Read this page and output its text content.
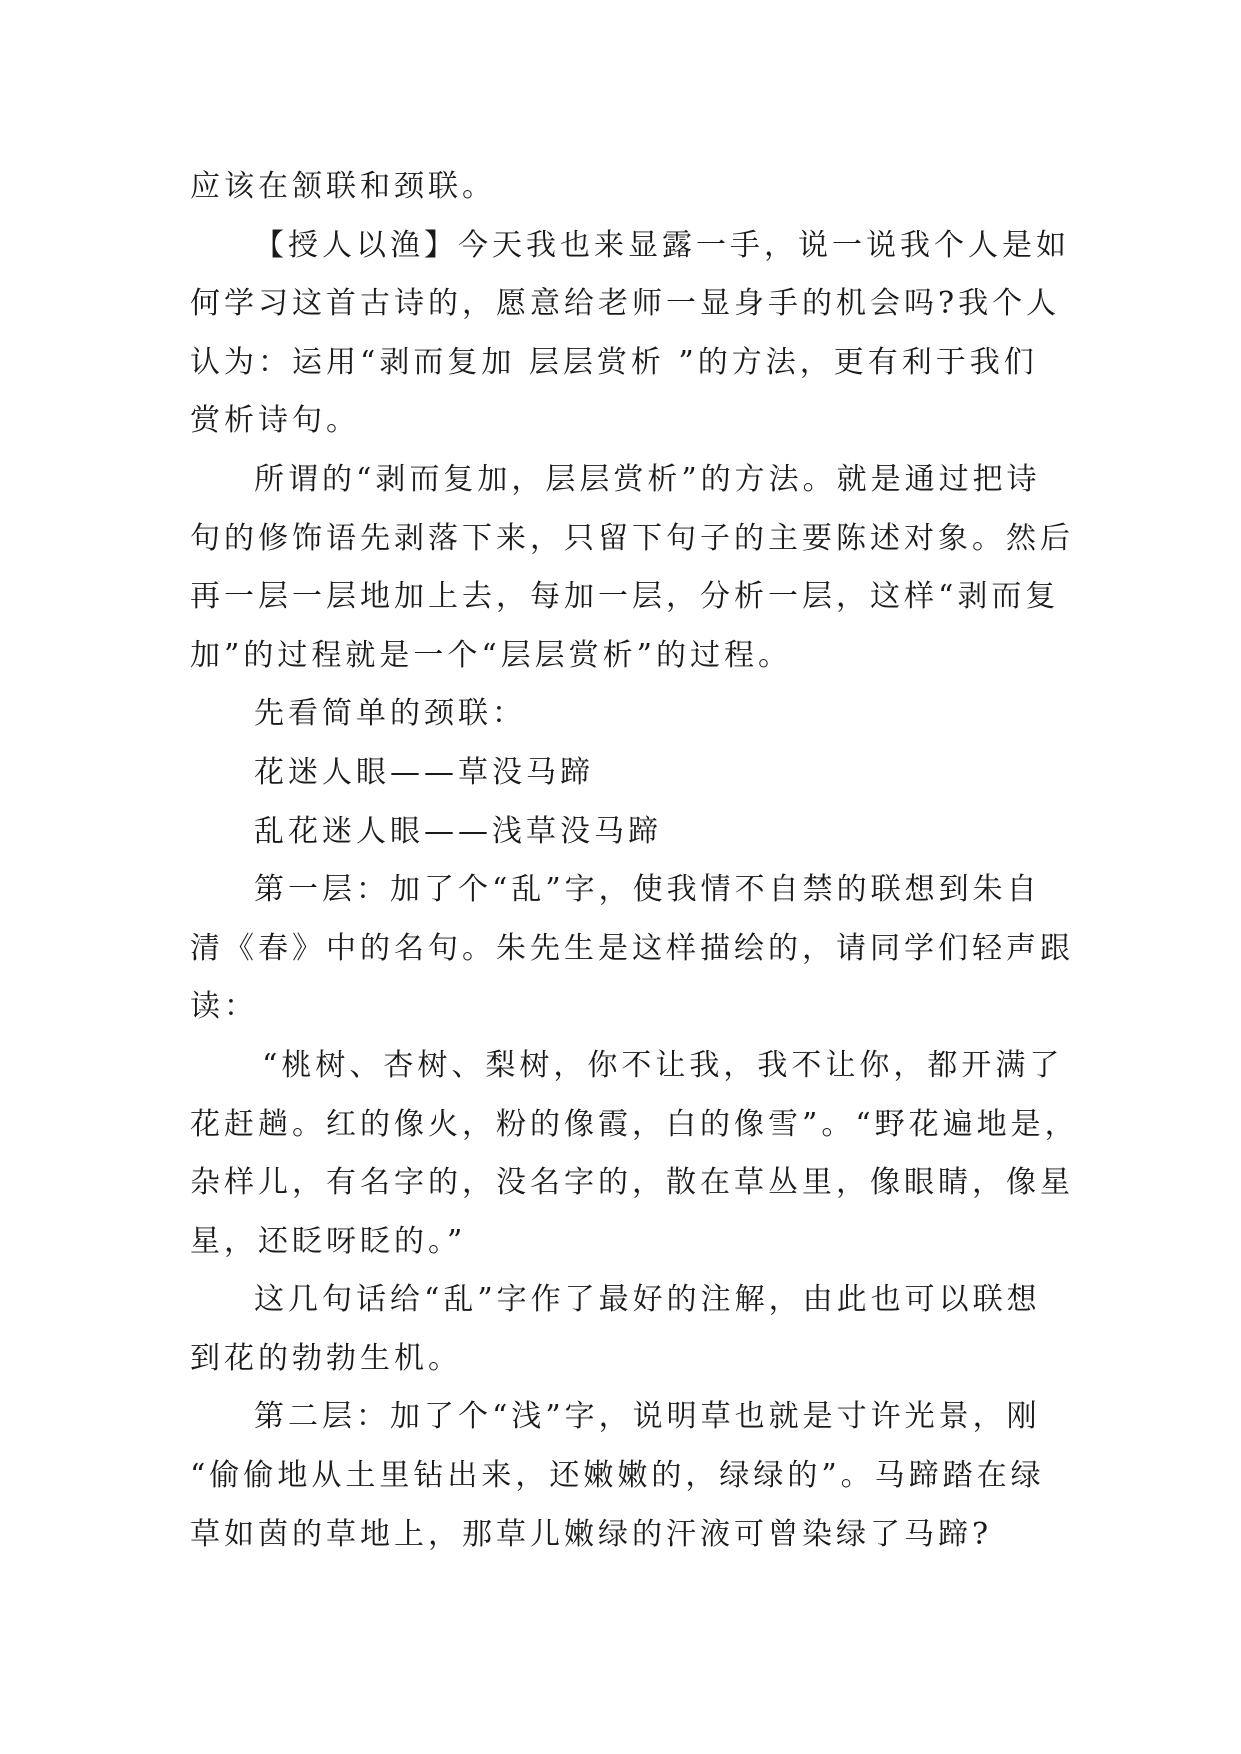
应该在颔联和颈联。
【授人以渔】今天我也来显露一手，说一说我个人是如
何学习这首古诗的，愿意给老师一显身手的机会吗?我个人
认为：运用“剥而复加 层层赏析 ”的方法，更有利于我们
赏析诗句。
所谓的“剥而复加，层层赏析”的方法。就是通过把诗
句的修饰语先剥落下来，只留下句子的主要陈述对象。然后
再一层一层地加上去，每加一层，分析一层，这样“剥而复
加”的过程就是一个“层层赏析”的过程。
先看简单的颈联：
花迷人眼——草没马蹄
乱花迷人眼——浅草没马蹄
第一层：加了个“乱”字，使我情不自禁的联想到朱自
清《春》中的名句。朱先生是这样描绘的，请同学们轻声跟
读：
“桃树、杏树、梨树，你不让我，我不让你，都开满了
花赶趟。红的像火，粉的像霞，白的像雪”。“野花遍地是，
杂样儿，有名字的，没名字的，散在草丛里，像眼睛，像星
星，还眨呀眨的。”
这几句话给“乱”字作了最好的注解，由此也可以联想
到花的勃勃生机。
第二层：加了个“浅”字，说明草也就是寸许光景，刚
“偷偷地从土里钻出来，还嫩嫩的，绿绿的”。马蹄踏在绿
草如茵的草地上，那草儿嫩绿的汗液可曾染绿了马蹄?
